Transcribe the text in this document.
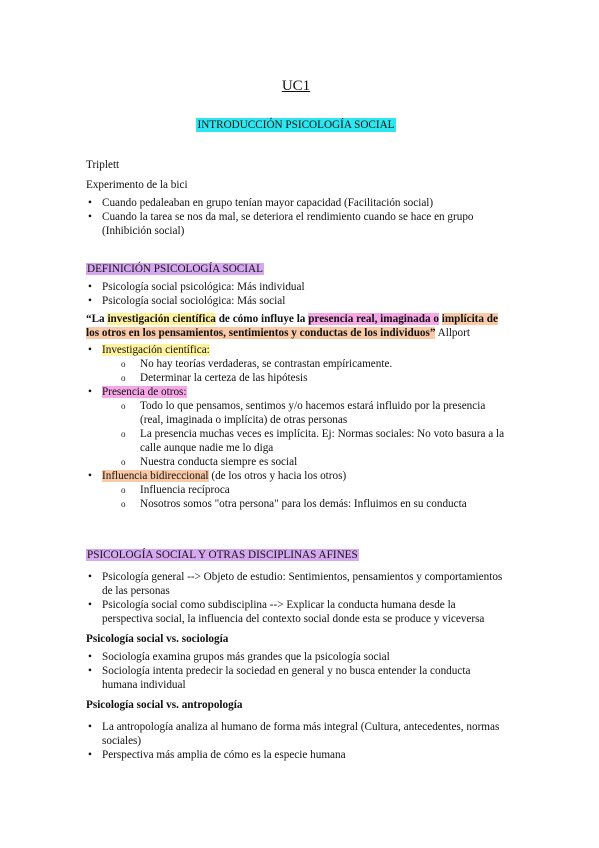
UC1
INTRODUCCIÓN PSICOLOGÍA SOCIAL

Triplett

Experimento de la bici

• Cuando pedaleaban en grupo tenían mayor capacidad (Facilitación social)
• Cuando la tarea se nos da mal, se deteriora el rendimiento cuando se hace en grupo (Inhibición social)

DEFINICIÓN PSICOLOGÍA SOCIAL

• Psicología social psicológica: Más individual
• Psicología social sociológica: Más social

“La investigación científica de cómo influye la presencia real, imaginada o implícita de los otros en los pensamientos, sentimientos y conductas de los individuos” Allport

• Investigación científica:
o No hay teorías verdaderas, se contrastan empíricamente.
o Determinar la certeza de las hipótesis
• Presencia de otros:
o Todo lo que pensamos, sentimos y/o hacemos estará influido por la presencia (real, imaginada o implícita) de otras personas
o La presencia muchas veces es implícita. Ej: Normas sociales: No voto basura a la calle aunque nadie me lo diga
o Nuestra conducta siempre es social
• Influencia bidireccional (de los otros y hacia los otros)
o Influencia recíproca
o Nosotros somos "otra persona" para los demás: Influimos en su conducta

PSICOLOGÍA SOCIAL Y OTRAS DISCIPLINAS AFINES

• Psicología general --> Objeto de estudio: Sentimientos, pensamientos y comportamientos de las personas
• Psicología social como subdisciplina --> Explicar la conducta humana desde la perspectiva social, la influencia del contexto social donde esta se produce y viceversa

Psicología social vs. sociología

• Sociología examina grupos más grandes que la psicología social
• Sociología intenta predecir la sociedad en general y no busca entender la conducta humana individual

Psicología social vs. antropología

• La antropología analiza al humano de forma más integral (Cultura, antecedentes, normas sociales)
• Perspectiva más amplia de cómo es la especie humana
